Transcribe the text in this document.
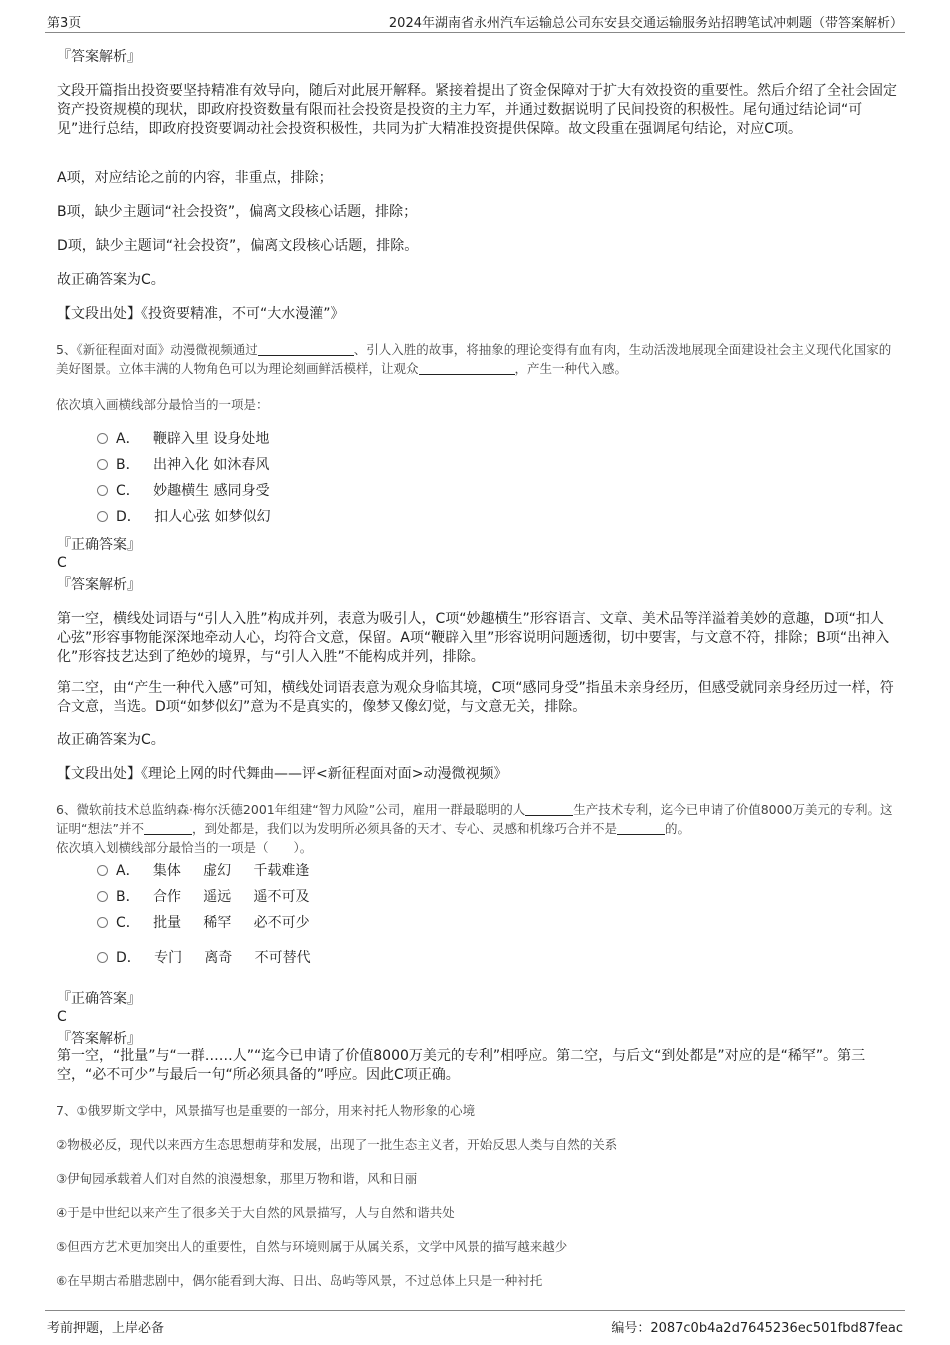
第3页	2024年湖南省永州汽车运输总公司东安县交通运输服务站招聘笔试冲刺题（带答案解析）
『答案解析』
文段开篇指出投资要坚持精准有效导向，随后对此展开解释。紧接着提出了资金保障对于扩大有效投资的重要性。然后介绍了全社会固定资产投资规模的现状，即政府投资数量有限而社会投资是投资的主力军，并通过数据说明了民间投资的积极性。尾句通过结论词“可见”进行总结，即政府投资要调动社会投资积极性，共同为扩大精准投资提供保障。故文段重在强调尾句结论，对应C项。
A项，对应结论之前的内容，非重点，排除；
B项，缺少主题词“社会投资”，偏离文段核心话题，排除；
D项，缺少主题词“社会投资”，偏离文段核心话题，排除。
故正确答案为C。
【文段出处】《投资要精准，不可“大水漫灌”》
5、《新征程面对面》动漫微视频通过	、引人入胜的故事，将抽象的理论变得有血有肉，生动活泼地展现全面建设社会主义现代化国家的美好图景。立体丰满的人物角色可以为理论刻画鲜活模样，让观众	，产生一种代入感。
依次填入画横线部分最恰当的一项是：
A．   鞭辟入里 设身处地
B．   出神入化 如沐春风
C．   妙趣横生 感同身受
D．   扣人心弦 如梦似幻
『正确答案』
C
『答案解析』
第一空，横线处词语与“引人入胜”构成并列，表意为吸引人，C项“妙趣横生”形容语言、文章、美术品等洋溢着美妙的意趣，D项“扣人心弦”形容事物能深深地牵动人心，均符合文意，保留。A项“鞭辟入里”形容说明问题透彻，切中要害，与文意不符，排除；B项“出神入化”形容技艺达到了绝妙的境界，与“引人入胜”不能构成并列，排除。
第二空，由“产生一种代入感”可知，横线处词语表意为观众身临其境，C项“感同身受”指虽未亲身经历，但感受就同亲身经历过一样，符合文意，当选。D项“如梦似幻”意为不是真实的，像梦又像幻觉，与文意无关，排除。
故正确答案为C。
【文段出处】《理论上网的时代舞曲——评<新征程面对面>动漫微视频》
6、微软前技术总监纳森·梅尔沃德2001年组建“智力风险”公司，雇用一群最聪明的人	生产技术专利，迄今已申请了价值8000万美元的专利。这证明“想法”并不	，到处都是，我们以为发明所必须具备的天才、专心、灵感和机缘巧合并不是	的。
依次填入划横线部分最恰当的一项是（　　）。
A．   集体     虚幻     千载难逢
B．   合作     遥远     遥不可及
C．   批量     稀罕     必不可少
D．   专门     离奇     不可替代
『正确答案』
C
『答案解析』
第一空，“批量”与“一群……人”“迄今已申请了价值8000万美元的专利”相呼应。第二空，与后文“到处都是”对应的是“稀罕”。第三空，“必不可少”与最后一句“所必须具备的”呼应。因此C项正确。
7、①俄罗斯文学中，风景描写也是重要的一部分，用来衬托人物形象的心境
②物极必反，现代以来西方生态思想萌芽和发展，出现了一批生态主义者，开始反思人类与自然的关系
③伊甸园承载着人们对自然的浪漫想象，那里万物和谐，风和日丽
④于是中世纪以来产生了很多关于大自然的风景描写，人与自然和谐共处
⑤但西方艺术更加突出人的重要性，自然与环境则属于从属关系，文学中风景的描写越来越少
⑥在早期古希腊悲剧中，偶尔能看到大海、日出、岛屿等风景，不过总体上只是一种衬托
考前押题，上岸必备	编号：2087c0b4a2d7645236ec501fbd87feac
